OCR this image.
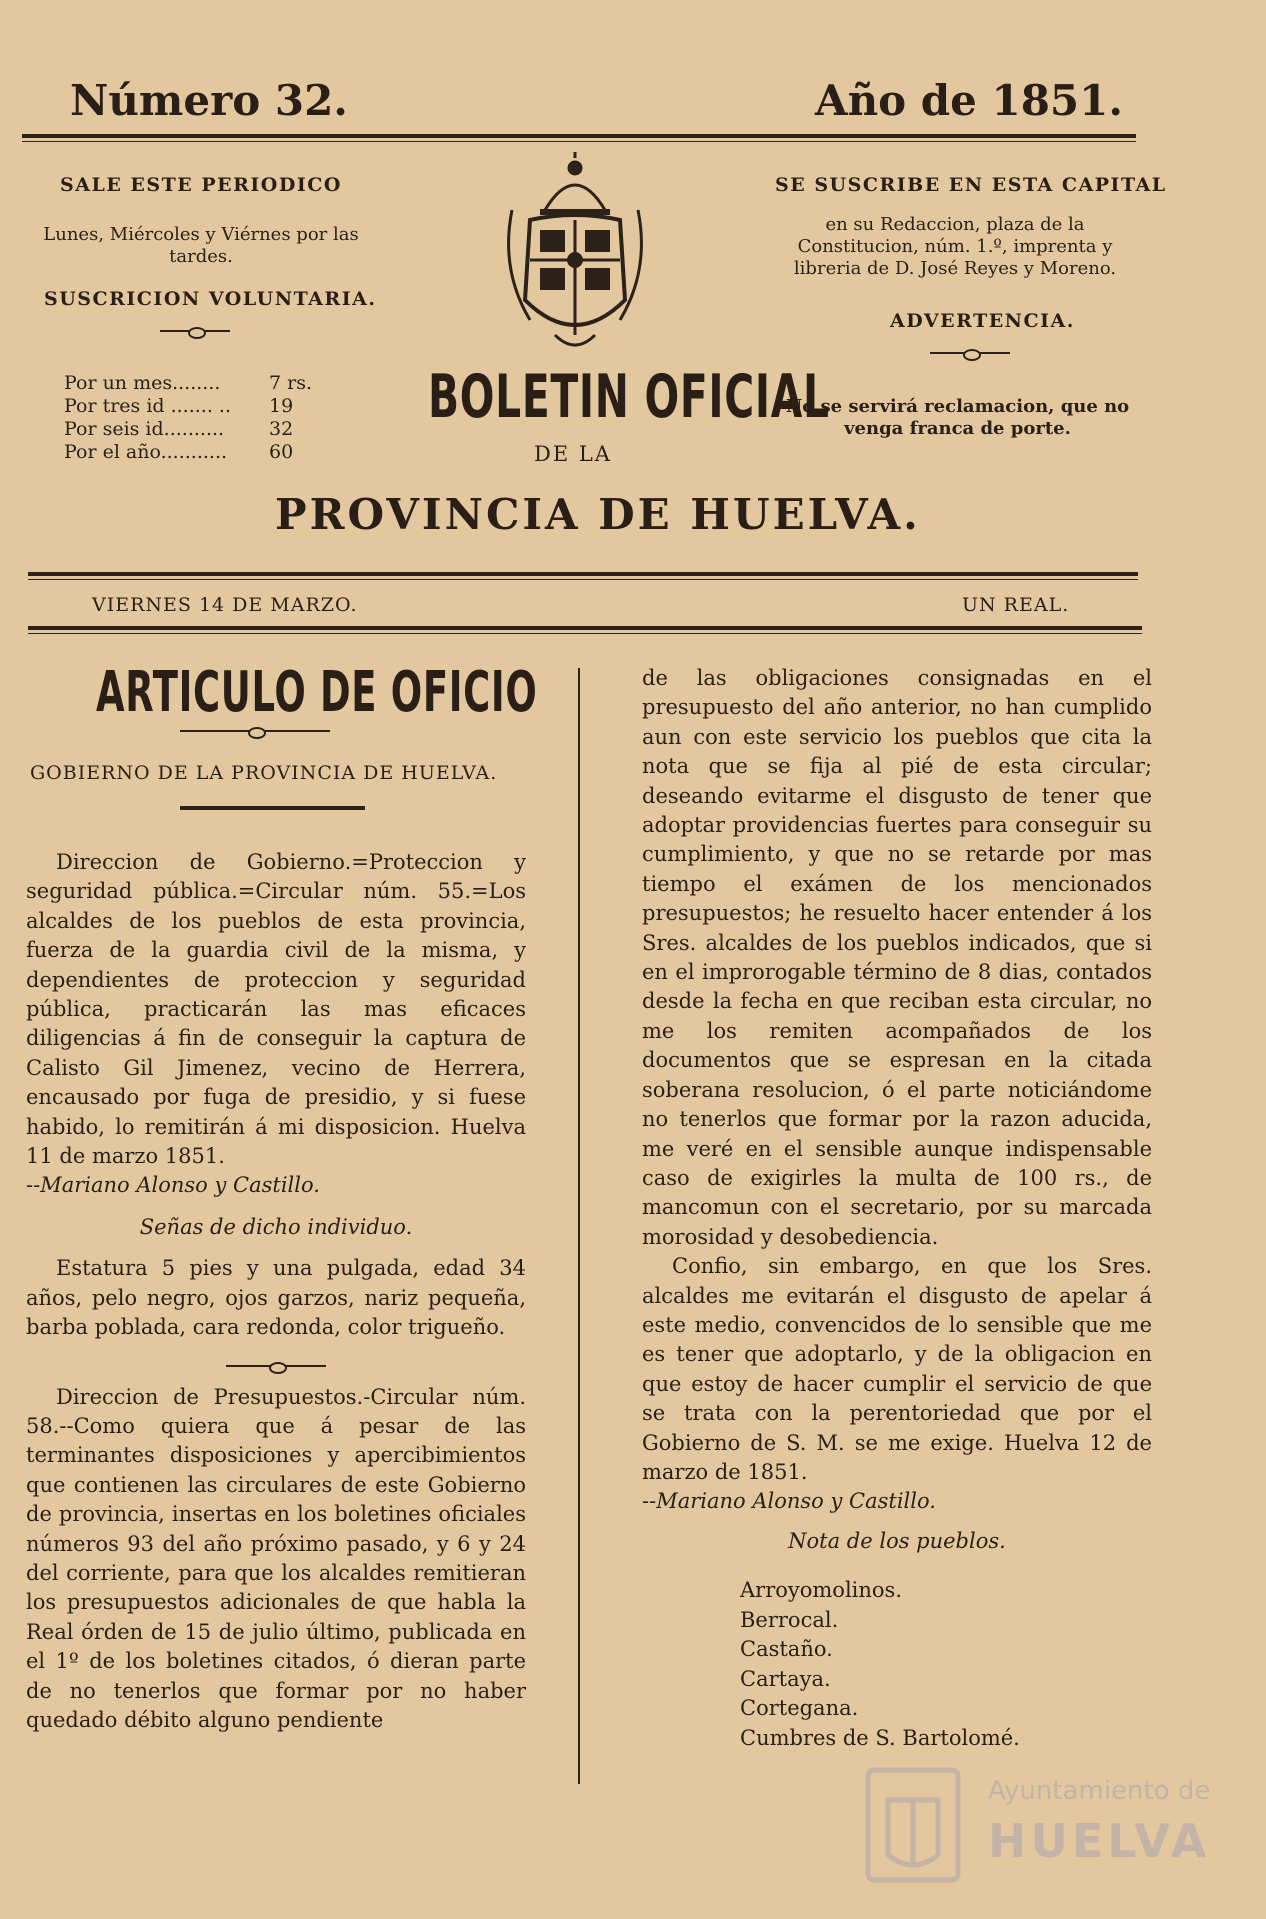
Número 32.	Año de 1851.
SALE ESTE PERIODICO
Lunes, Miércoles y Viérnes por las tardes.
SUSCRICION VOLUNTARIA.
Por un mes........	7 rs.
Por tres id ....... ..	19
Por seis id..........	32
Por el año...........	60
BOLETIN OFICIAL
DE LA
SE SUSCRIBE EN ESTA CAPITAL
en su Redaccion, plaza de la Constitucion, núm. 1.º, imprenta y libreria de D. José Reyes y Moreno.
ADVERTENCIA.
No se servirá reclamacion, que no venga franca de porte.
PROVINCIA DE HUELVA.
VIERNES 14 DE MARZO.	UN REAL.
ARTICULO DE OFICIO
GOBIERNO DE LA PROVINCIA DE HUELVA.

Direccion de Gobierno.=Proteccion y seguridad pública.=Circular núm. 55.=Los alcaldes de los pueblos de esta provincia, fuerza de la guardia civil de la misma, y dependientes de proteccion y seguridad pública, practicarán las mas eficaces diligencias á fin de conseguir la captura de Calisto Gil Jimenez, vecino de Herrera, encausado por fuga de presidio, y si fuese habido, lo remitirán á mi disposicion. Huelva 11 de marzo 1851.

--Mariano Alonso y Castillo.

Señas de dicho individuo.

Estatura 5 pies y una pulgada, edad 34 años, pelo negro, ojos garzos, nariz pequeña, barba poblada, cara redonda, color trigueño.

Direccion de Presupuestos.-Circular núm. 58.--Como quiera que á pesar de las terminantes disposiciones y apercibimientos que contienen las circulares de este Gobierno de provincia, insertas en los boletines oficiales números 93 del año próximo pasado, y 6 y 24 del corriente, para que los alcaldes remitieran los presupuestos adicionales de que habla la Real órden de 15 de julio último, publicada en el 1º de los boletines citados, ó dieran parte de no tenerlos que formar por no haber quedado débito alguno pendiente

de las obligaciones consignadas en el presupuesto del año anterior, no han cumplido aun con este servicio los pueblos que cita la nota que se fija al pié de esta circular; deseando evitarme el disgusto de tener que adoptar providencias fuertes para conseguir su cumplimiento, y que no se retarde por mas tiempo el exámen de los mencionados presupuestos; he resuelto hacer entender á los Sres. alcaldes de los pueblos indicados, que si en el improrogable término de 8 dias, contados desde la fecha en que reciban esta circular, no me los remiten acompañados de los documentos que se espresan en la citada soberana resolucion, ó el parte noticiándome no tenerlos que formar por la razon aducida, me veré en el sensible aunque indispensable caso de exigirles la multa de 100 rs., de mancomun con el secretario, por su marcada morosidad y desobediencia.

Confio, sin embargo, en que los Sres. alcaldes me evitarán el disgusto de apelar á este medio, convencidos de lo sensible que me es tener que adoptarlo, y de la obligacion en que estoy de hacer cumplir el servicio de que se trata con la perentoriedad que por el Gobierno de S. M. se me exige. Huelva 12 de marzo de 1851.

--Mariano Alonso y Castillo.

Nota de los pueblos.

Arroyomolinos.
Berrocal.
Castaño.
Cartaya.
Cortegana.
Cumbres de S. Bartolomé.
Ayuntamiento de
HUELVA
